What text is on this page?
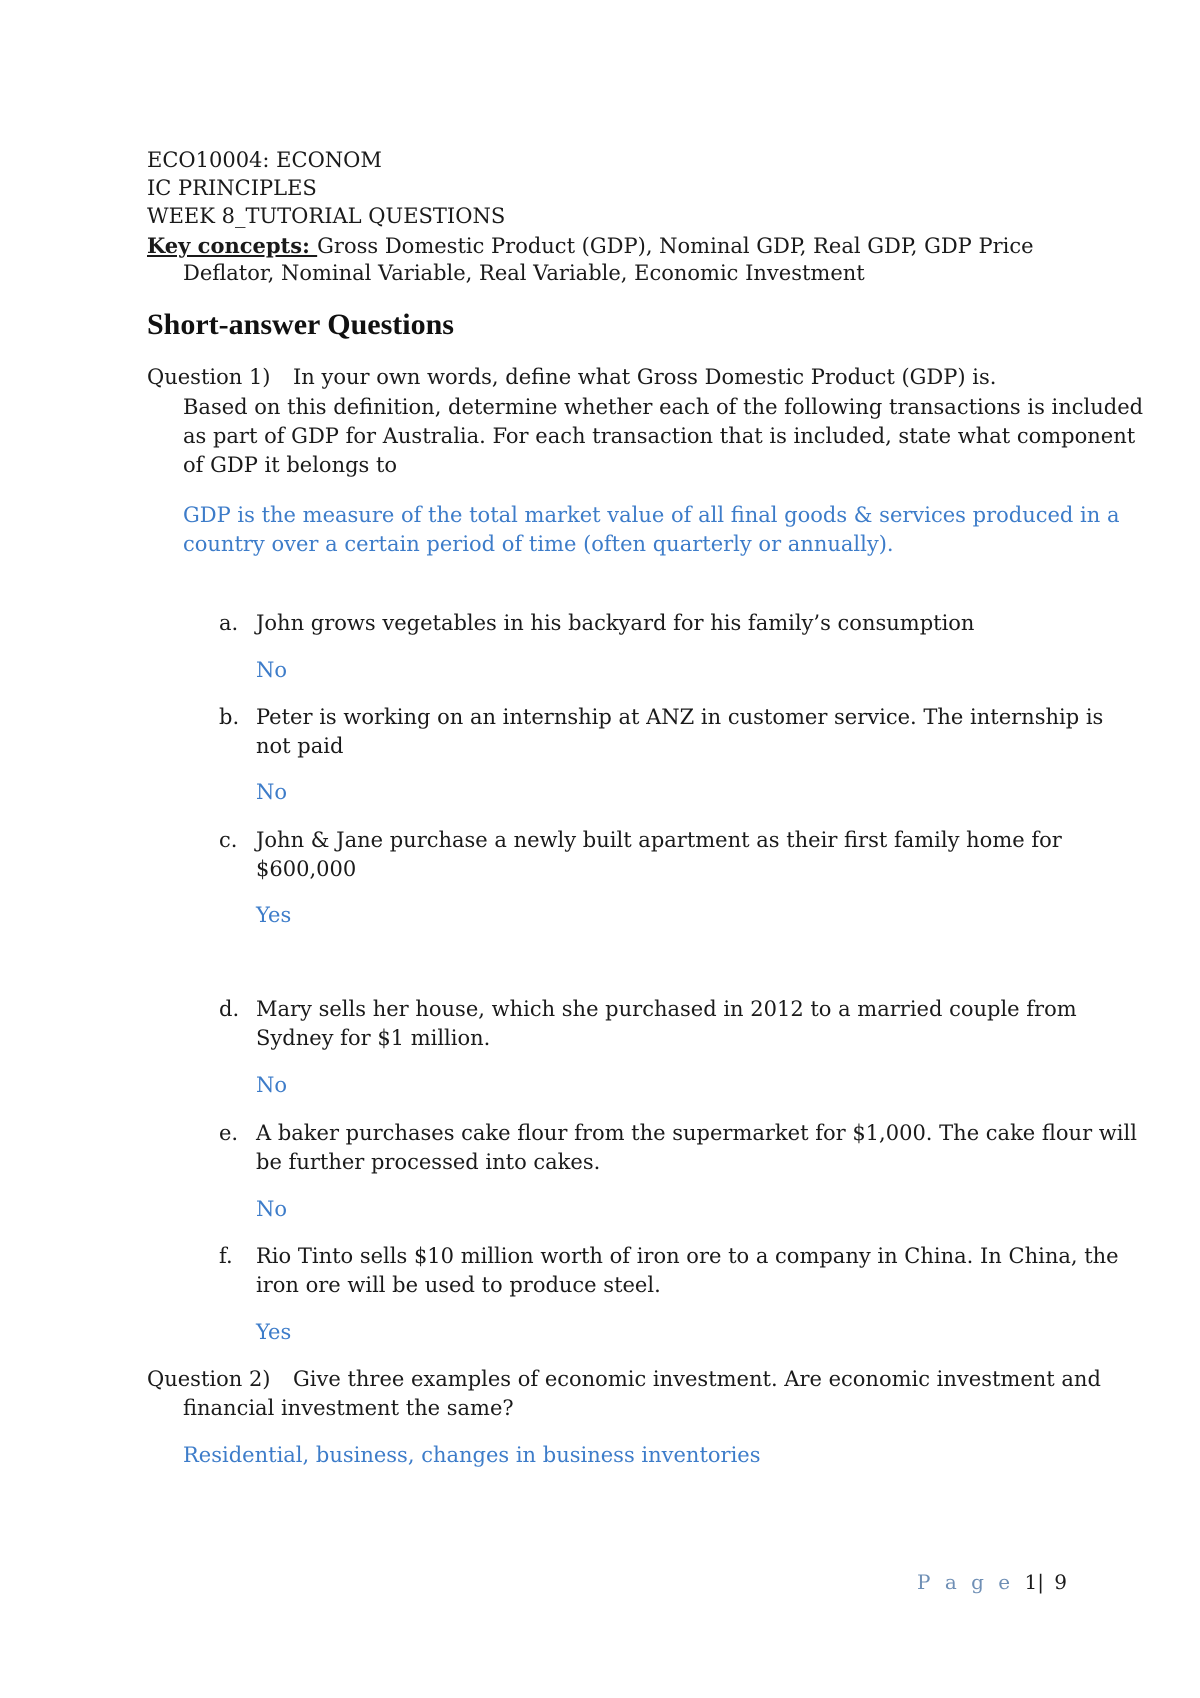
ECO10004: ECONOM
IC PRINCIPLES
WEEK 8_TUTORIAL QUESTIONS
Key concepts: Gross Domestic Product (GDP), Nominal GDP, Real GDP, GDP Price
Deflator, Nominal Variable, Real Variable, Economic Investment
Short-answer Questions
Question 1) In your own words, define what Gross Domestic Product (GDP) is.
Based on this definition, determine whether each of the following transactions is included
as part of GDP for Australia. For each transaction that is included, state what component
of GDP it belongs to
GDP is the measure of the total market value of all final goods & services produced in a
country over a certain period of time (often quarterly or annually).
a. John grows vegetables in his backyard for his family’s consumption
No
b. Peter is working on an internship at ANZ in customer service. The internship is
not paid
No
c. John & Jane purchase a newly built apartment as their first family home for
$600,000
Yes
d. Mary sells her house, which she purchased in 2012 to a married couple from
Sydney for $1 million.
No
e. A baker purchases cake flour from the supermarket for $1,000. The cake flour will
be further processed into cakes.
No
f. Rio Tinto sells $10 million worth of iron ore to a company in China. In China, the
iron ore will be used to produce steel.
Yes
Question 2) Give three examples of economic investment. Are economic investment and
financial investment the same?
Residential, business, changes in business inventories
P a g e 1| 9
